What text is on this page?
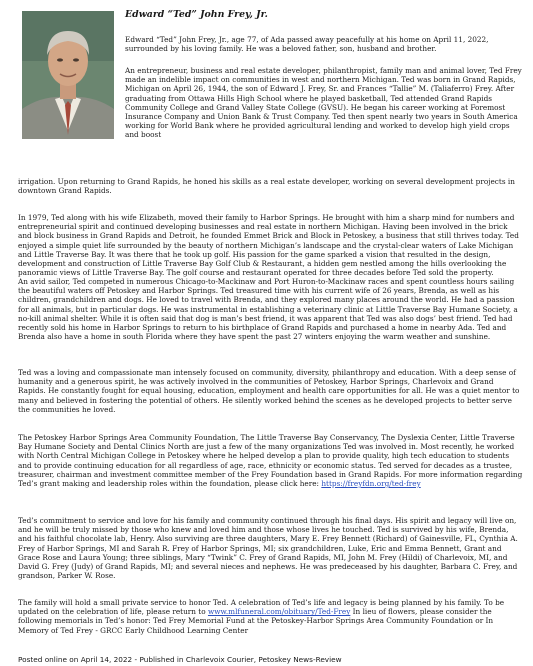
Edward “Ted” John Frey, Jr.

Edward “Ted” John Frey, Jr., age 77, of Ada passed away peacefully at his home on April 11, 2022, surrounded by his loving family. He was a beloved father, son, husband and brother.

An entrepreneur, business and real estate developer, philanthropist, family man and animal lover, Ted Frey made an indelible impact on communities in west and northern Michigan. Ted was born in Grand Rapids, Michigan on April 26, 1944, the son of Edward J. Frey, Sr. and Frances “Tallie” M. (Taliaferro) Frey. After graduating from Ottawa Hills High School where he played basketball, Ted attended Grand Rapids Community College and Grand Valley State College (GVSU). He began his career working at Foremost Insurance Company and Union Bank & Trust Company. Ted then spent nearly two years in South America working for World Bank where he provided agricultural lending and worked to develop high yield crops and boost

irrigation. Upon returning to Grand Rapids, he honed his skills as a real estate developer, working on several development projects in downtown Grand Rapids.

In 1979, Ted along with his wife Elizabeth, moved their family to Harbor Springs. He brought with him a sharp mind for numbers and entrepreneurial spirit and continued developing businesses and real estate in northern Michigan. Having been involved in the brick and block business in Grand Rapids and Detroit, he founded Emmet Brick and Block in Petoskey, a business that still thrives today. Ted enjoyed a simple quiet life surrounded by the beauty of northern Michigan’s landscape and the crystal-clear waters of Lake Michigan and Little Traverse Bay. It was there that he took up golf. His passion for the game sparked a vision that resulted in the design, development and construction of Little Traverse Bay Golf Club & Restaurant, a hidden gem nestled among the hills overlooking the panoramic views of Little Traverse Bay. The golf course and restaurant operated for three decades before Ted sold the property.

An avid sailor, Ted competed in numerous Chicago-to-Mackinaw and Port Huron-to-Mackinaw races and spent countless hours sailing the beautiful waters off Petoskey and Harbor Springs. Ted treasured time with his current wife of 26 years, Brenda, as well as his children, grandchildren and dogs. He loved to travel with Brenda, and they explored many places around the world. He had a passion for all animals, but in particular dogs. He was instrumental in establishing a veterinary clinic at Little Traverse Bay Humane Society, a no-kill animal shelter. While it is often said that dog is man’s best friend, it was apparent that Ted was also dogs’ best friend. Ted had recently sold his home in Harbor Springs to return to his birthplace of Grand Rapids and purchased a home in nearby Ada. Ted and Brenda also have a home in south Florida where they have spent the past 27 winters enjoying the warm weather and sunshine.

Ted was a loving and compassionate man intensely focused on community, diversity, philanthropy and education. With a deep sense of humanity and a generous spirit, he was actively involved in the communities of Petoskey, Harbor Springs, Charlevoix and Grand Rapids. He constantly fought for equal housing, education, employment and health care opportunities for all. He was a quiet mentor to many and believed in fostering the potential of others. He silently worked behind the scenes as he developed projects to better serve the communities he loved.

The Petoskey Harbor Springs Area Community Foundation, The Little Traverse Bay Conservancy, The Dyslexia Center, Little Traverse Bay Humane Society and Dental Clinics North are just a few of the many organizations Ted was involved in. Most recently, he worked with North Central Michigan College in Petoskey where he helped develop a plan to provide quality, high tech education to students and to provide continuing education for all regardless of age, race, ethnicity or economic status. Ted served for decades as a trustee, treasurer, chairman and investment committee member of the Frey Foundation based in Grand Rapids. For more information regarding Ted’s grant making and leadership roles within the foundation, please click here: https://freyfdn.org/ted-frey

Ted’s commitment to service and love for his family and community continued through his final days. His spirit and legacy will live on, and he will be truly missed by those who knew and loved him and those whose lives he touched. Ted is survived by his wife, Brenda, and his faithful chocolate lab, Henry. Also surviving are three daughters, Mary E. Frey Bennett (Richard) of Gainesville, FL, Cynthia A. Frey of Harbor Springs, MI and Sarah R. Frey of Harbor Springs, MI; six grandchildren, Luke, Eric and Emma Bennett, Grant and Grace Rose and Laura Young; three siblings, Mary “Twink” C. Frey of Grand Rapids, MI, John M. Frey (Hildi) of Charlevoix, MI, and David G. Frey (Judy) of Grand Rapids, MI; and several nieces and nephews. He was predeceased by his daughter, Barbara C. Frey, and grandson, Parker W. Rose.

The family will hold a small private service to honor Ted. A celebration of Ted’s life and legacy is being planned by his family. To be updated on the celebration of life, please return to www.mlfuneral.com/obituary/Ted-Frey In lieu of flowers, please consider the following memorials in Ted’s honor: Ted Frey Memorial Fund at the Petoskey-Harbor Springs Area Community Foundation or In Memory of Ted Frey - GRCC Early Childhood Learning Center

Posted online on April 14, 2022 - Published in Charlevoix Courier, Petoskey News-Review
